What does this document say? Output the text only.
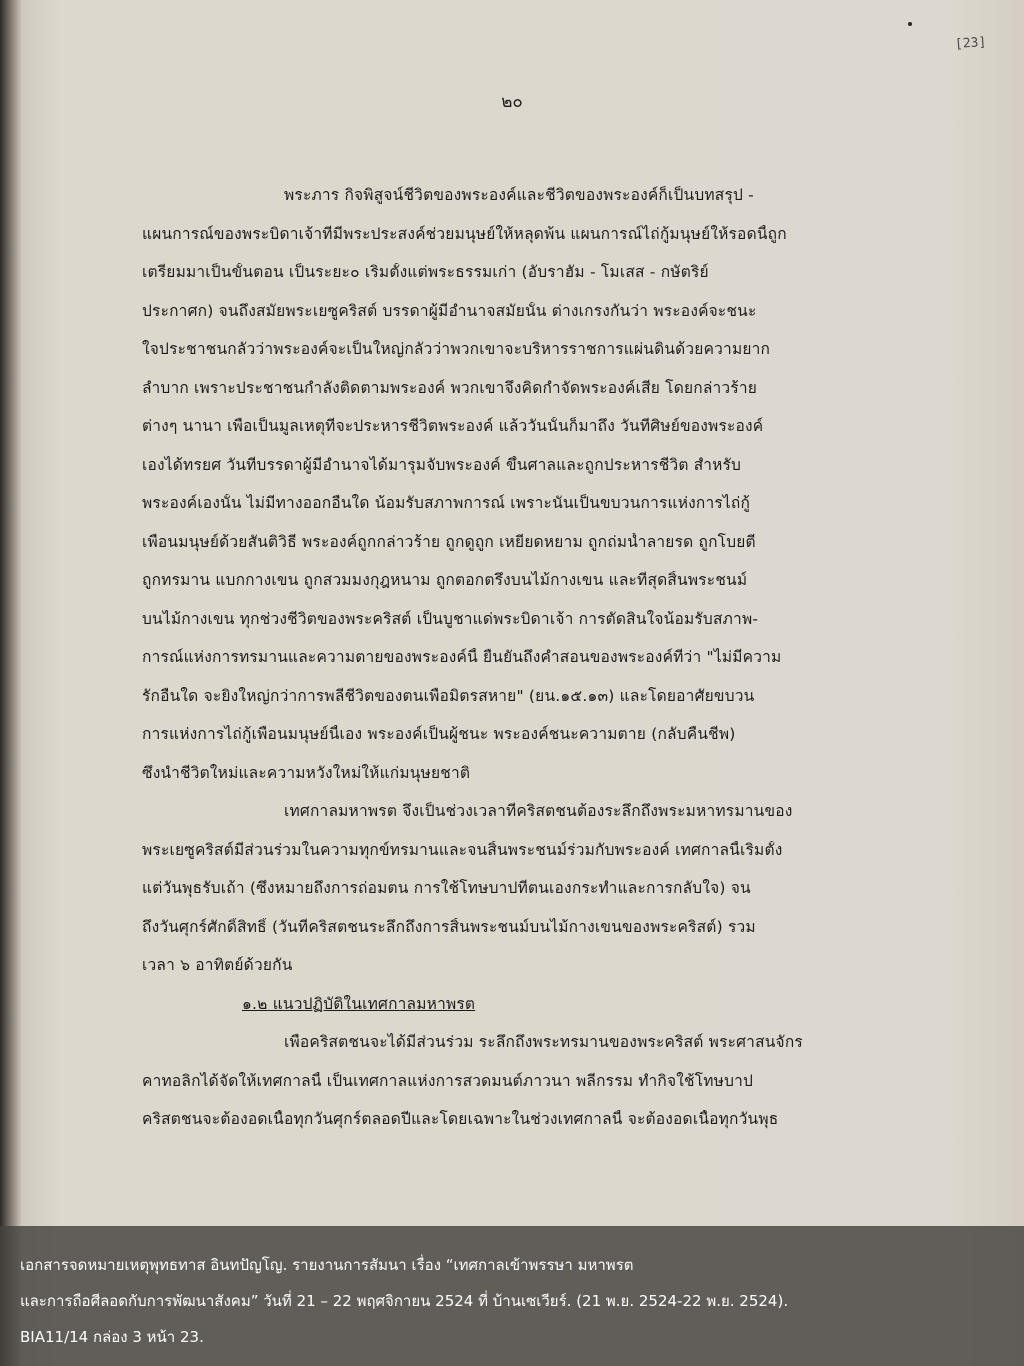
[23]
๒๐
พระภาร กิจพิสูจน์ชีวิตของพระองค์และชีวิตของพระองค์ก็เป็นบทสรุป -
แผนการณ์ของพระบิดาเจ้าที่มีพระประสงค์ช่วยมนุษย์ให้หลุดพ้น แผนการณ์ไถ่กู้มนุษย์ให้รอดนี้ถูก
เตรียมมาเป็นขั้นตอน เป็นระยะ๐ เริ่มตั้งแต่พระธรรมเก่า (อับราฮัม - โมเสส - กษัตริย์
ประกาศก) จนถึงสมัยพระเยซูคริสต์ บรรดาผู้มีอำนาจสมัยนั้น ต่างเกรงกันว่า พระองค์จะชนะ
ใจประชาชนกลัวว่าพระองค์จะเป็นใหญ่กลัวว่าพวกเขาจะบริหารราชการแผ่นดินด้วยความยาก
ลำบาก เพราะประชาชนกำลังติดตามพระองค์ พวกเขาจึงคิดกำจัดพระองค์เสีย โดยกล่าวร้าย
ต่างๆ นานา เพื่อเป็นมูลเหตุที่จะประหารชีวิตพระองค์ แล้ววันนั้นก็มาถึง วันที่ศิษย์ของพระองค์
เองได้ทรยศ วันที่บรรดาผู้มีอำนาจได้มารุมจับพระองค์ ขึ้นศาลและถูกประหารชีวิต สำหรับ
พระองค์เองนั้น ไม่มีทางออกอื่นใด น้อมรับสภาพการณ์ เพราะนั่นเป็นขบวนการแห่งการไถ่กู้
เพื่อนมนุษย์ด้วยสันติวิธี พระองค์ถูกกล่าวร้าย ถูกดูถูก เหยียดหยาม ถูกถ่มน้ำลายรด ถูกโบยตี
ถูกทรมาน แบกกางเขน ถูกสวมมงกุฎหนาม ถูกตอกตรึงบนไม้กางเขน และที่สุดสิ้นพระชนม์
บนไม้กางเขน ทุกช่วงชีวิตของพระคริสต์ เป็นบูชาแด่พระบิดาเจ้า การตัดสินใจน้อมรับสภาพ-
การณ์แห่งการทรมานและความตายของพระองค์นี้ ยืนยันถึงคำสอนของพระองค์ที่ว่า "ไม่มีความ
รักอื่นใด จะยิ่งใหญ่กว่าการพลีชีวิตของตนเพื่อมิตรสหาย" (ยน.๑๕.๑๓) และโดยอาศัยขบวน
การแห่งการไถ่กู้เพื่อนมนุษย์นี้เอง พระองค์เป็นผู้ชนะ พระองค์ชนะความตาย (กลับคืนชีพ)
ซึ่งนำชีวิตใหม่และความหวังใหม่ให้แก่มนุษยชาติ
เทศกาลมหาพรต จึงเป็นช่วงเวลาที่คริสตชนต้องระลึกถึงพระมหาทรมานของ
พระเยซูคริสต์มีส่วนร่วมในความทุกข์ทรมานและจนสิ้นพระชนม์ร่วมกับพระองค์ เทศกาลนี้เริ่มตั้ง
แต่วันพุธรับเถ้า (ซึ่งหมายถึงการถ่อมตน การใช้โทษบาปที่ตนเองกระทำและการกลับใจ) จน
ถึงวันศุกร์ศักดิ์สิทธิ์ (วันที่คริสตชนระลึกถึงการสิ้นพระชนม์บนไม้กางเขนของพระคริสต์) รวม
เวลา ๖ อาทิตย์ด้วยกัน
๑.๒ แนวปฏิบัติในเทศกาลมหาพรต
เพื่อคริสตชนจะได้มีส่วนร่วม ระลึกถึงพระทรมานของพระคริสต์ พระศาสนจักร
คาทอลิกได้จัดให้เทศกาลนี้ เป็นเทศกาลแห่งการสวดมนต์ภาวนา พลีกรรม ทำกิจใช้โทษบาป
คริสตชนจะต้องอดเนื้อทุกวันศุกร์ตลอดปีและโดยเฉพาะในช่วงเทศกาลนี้ จะต้องอดเนื้อทุกวันพุธ
เอกสารจดหมายเหตุพุทธทาส อินทปัญโญ. รายงานการสัมนา เรื่อง “เทศกาลเข้าพรรษา มหาพรต
และการถือศีลอดกับการพัฒนาสังคม” วันที่ 21 – 22 พฤศจิกายน 2524 ที่ บ้านเซเวียร์. (21 พ.ย. 2524-22 พ.ย. 2524).
BIA11/14 กล่อง 3 หน้า 23.
